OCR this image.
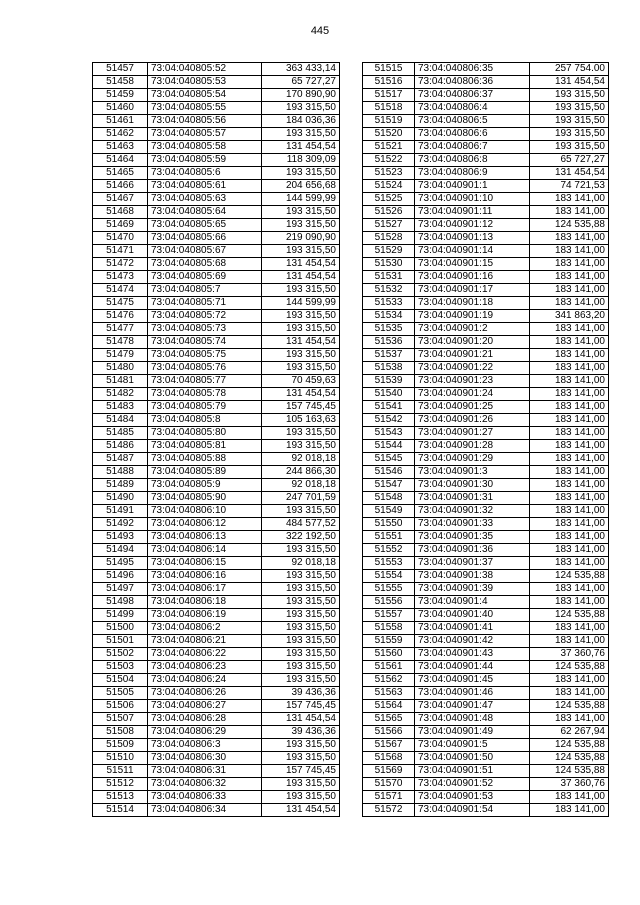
445
51457	73:04:040805:52	363 433,14
51458	73:04:040805:53	65 727,27
51459	73:04:040805:54	170 890,90
51460	73:04:040805:55	193 315,50
51461	73:04:040805:56	184 036,36
51462	73:04:040805:57	193 315,50
51463	73:04:040805:58	131 454,54
51464	73:04:040805:59	118 309,09
51465	73:04:040805:6	193 315,50
51466	73:04:040805:61	204 656,68
51467	73:04:040805:63	144 599,99
51468	73:04:040805:64	193 315,50
51469	73:04:040805:65	193 315,50
51470	73:04:040805:66	219 090,90
51471	73:04:040805:67	193 315,50
51472	73:04:040805:68	131 454,54
51473	73:04:040805:69	131 454,54
51474	73:04:040805:7	193 315,50
51475	73:04:040805:71	144 599,99
51476	73:04:040805:72	193 315,50
51477	73:04:040805:73	193 315,50
51478	73:04:040805:74	131 454,54
51479	73:04:040805:75	193 315,50
51480	73:04:040805:76	193 315,50
51481	73:04:040805:77	70 459,63
51482	73:04:040805:78	131 454,54
51483	73:04:040805:79	157 745,45
51484	73:04:040805:8	105 163,63
51485	73:04:040805:80	193 315,50
51486	73:04:040805:81	193 315,50
51487	73:04:040805:88	92 018,18
51488	73:04:040805:89	244 866,30
51489	73:04:040805:9	92 018,18
51490	73:04:040805:90	247 701,59
51491	73:04:040806:10	193 315,50
51492	73:04:040806:12	484 577,52
51493	73:04:040806:13	322 192,50
51494	73:04:040806:14	193 315,50
51495	73:04:040806:15	92 018,18
51496	73:04:040806:16	193 315,50
51497	73:04:040806:17	193 315,50
51498	73:04:040806:18	193 315,50
51499	73:04:040806:19	193 315,50
51500	73:04:040806:2	193 315,50
51501	73:04:040806:21	193 315,50
51502	73:04:040806:22	193 315,50
51503	73:04:040806:23	193 315,50
51504	73:04:040806:24	193 315,50
51505	73:04:040806:26	39 436,36
51506	73:04:040806:27	157 745,45
51507	73:04:040806:28	131 454,54
51508	73:04:040806:29	39 436,36
51509	73:04:040806:3	193 315,50
51510	73:04:040806:30	193 315,50
51511	73:04:040806:31	157 745,45
51512	73:04:040806:32	193 315,50
51513	73:04:040806:33	193 315,50
51514	73:04:040806:34	131 454,54
51515	73:04:040806:35	257 754.00
51516	73:04:040806:36	131 454,54
51517	73:04:040806:37	193 315,50
51518	73:04:040806:4	193 315,50
51519	73:04:040806:5	193 315,50
51520	73:04:040806:6	193 315,50
51521	73:04:040806:7	193 315,50
51522	73:04:040806:8	65 727,27
51523	73:04:040806:9	131 454,54
51524	73:04:040901:1	74 721,53
51525	73:04:040901:10	183 141,00
51526	73:04:040901:11	183 141,00
51527	73:04:040901:12	124 535,88
51528	73:04:040901:13	183 141,00
51529	73:04:040901:14	183 141,00
51530	73:04:040901:15	183 141,00
51531	73:04:040901:16	183 141,00
51532	73:04:040901:17	183 141,00
51533	73:04:040901:18	183 141,00
51534	73:04:040901:19	341 863,20
51535	73:04:040901:2	183 141,00
51536	73:04:040901:20	183 141,00
51537	73:04:040901:21	183 141,00
51538	73:04:040901:22	183 141,00
51539	73:04:040901:23	183 141,00
51540	73:04:040901:24	183 141,00
51541	73:04:040901:25	183 141,00
51542	73:04:040901:26	183 141,00
51543	73:04:040901:27	183 141,00
51544	73:04:040901:28	183 141,00
51545	73:04:040901:29	183 141,00
51546	73:04:040901:3	183 141,00
51547	73:04:040901:30	183 141,00
51548	73:04:040901:31	183 141,00
51549	73:04:040901:32	183 141,00
51550	73:04:040901:33	183 141,00
51551	73:04:040901:35	183 141,00
51552	73:04:040901:36	183 141,00
51553	73:04:040901:37	183 141,00
51554	73:04:040901:38	124 535,88
51555	73:04:040901:39	183 141,00
51556	73:04:040901:4	183 141,00
51557	73:04:040901:40	124 535,88
51558	73:04:040901:41	183 141,00
51559	73:04:040901:42	183 141,00
51560	73:04:040901:43	37 360,76
51561	73:04:040901:44	124 535,88
51562	73:04:040901:45	183 141,00
51563	73:04:040901:46	183 141,00
51564	73:04:040901:47	124 535,88
51565	73:04:040901:48	183 141,00
51566	73:04:040901:49	62 267,94
51567	73:04:040901:5	124 535,88
51568	73:04:040901:50	124 535,88
51569	73:04:040901:51	124 535,88
51570	73:04:040901:52	37 360,76
51571	73:04:040901:53	183 141,00
51572	73:04:040901:54	183 141,00
